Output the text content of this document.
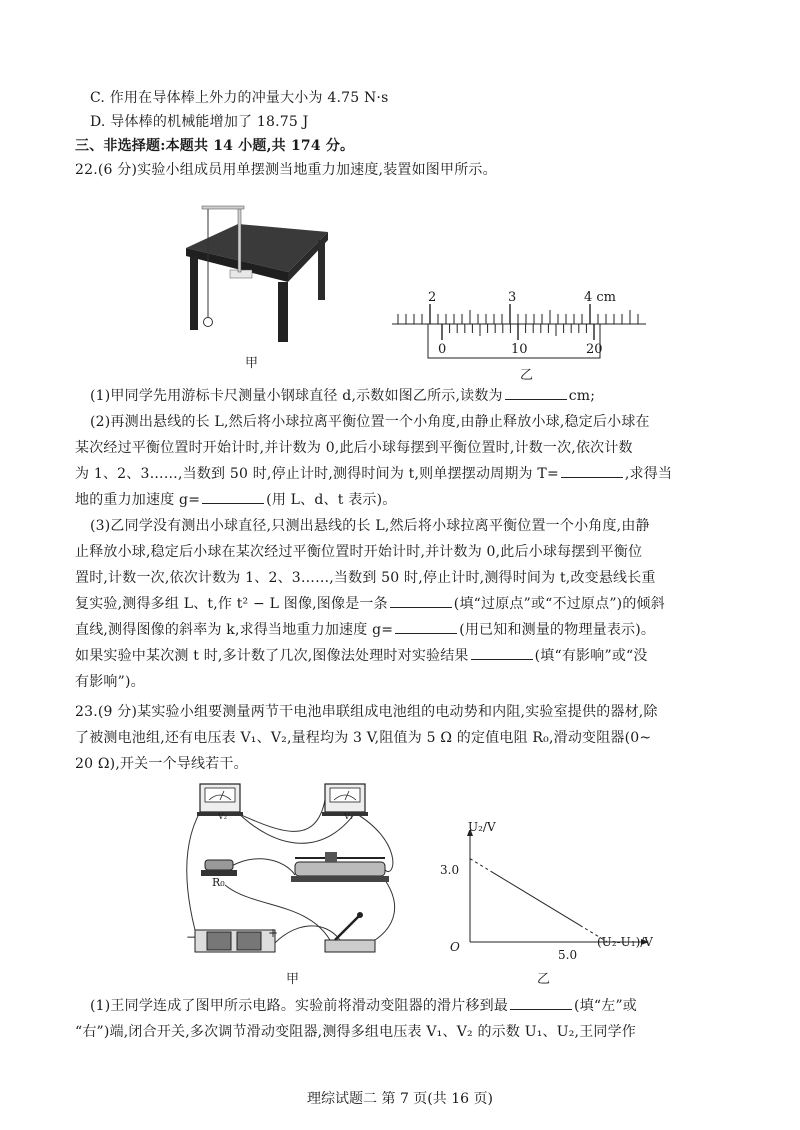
C. 作用在导体棒上外力的冲量大小为 4.75 N·s
D. 导体棒的机械能增加了 18.75 J
三、非选择题:本题共 14 小题,共 174 分。
22.(6 分)实验小组成员用单摆测当地重力加速度,装置如图甲所示。
甲
2	3	4 cm
0	10	20
乙
(1)甲同学先用游标卡尺测量小钢球直径 d,示数如图乙所示,读数为	cm;
(2)再测出悬线的长 L,然后将小球拉离平衡位置一个小角度,由静止释放小球,稳定后小球在
某次经过平衡位置时开始计时,并计数为 0,此后小球每摆到平衡位置时,计数一次,依次计数
为 1、2、3……,当数到 50 时,停止计时,测得时间为 t,则单摆摆动周期为 T=	,求得当
地的重力加速度 g=	(用 L、d、t 表示)。
(3)乙同学没有测出小球直径,只测出悬线的长 L,然后将小球拉离平衡位置一个小角度,由静
止释放小球,稳定后小球在某次经过平衡位置时开始计时,并计数为 0,此后小球每摆到平衡位
置时,计数一次,依次计数为 1、2、3……,当数到 50 时,停止计时,测得时间为 t,改变悬线长重
复实验,测得多组 L、t,作 t² − L 图像,图像是一条	(填“过原点”或“不过原点”)的倾斜
直线,测得图像的斜率为 k,求得当地重力加速度 g=	(用已知和测量的物理量表示)。
如果实验中某次测 t 时,多计数了几次,图像法处理时对实验结果	(填“有影响”或“没
有影响”)。
23.(9 分)某实验小组要测量两节干电池串联组成电池组的电动势和内阻,实验室提供的器材,除
了被测电池组,还有电压表 V₁、V₂,量程均为 3 V,阻值为 5 Ω 的定值电阻 R₀,滑动变阻器(0~
20 Ω),开关一个导线若干。
V₂	V₁
R₀
−	+
甲
U₂/V
(U₂-U₁)/V
3.0
O
5.0
乙
(1)王同学连成了图甲所示电路。实验前将滑动变阻器的滑片移到最	(填“左”或
“右”)端,闭合开关,多次调节滑动变阻器,测得多组电压表 V₁、V₂ 的示数 U₁、U₂,王同学作
理综试题二 第 7 页(共 16 页)
